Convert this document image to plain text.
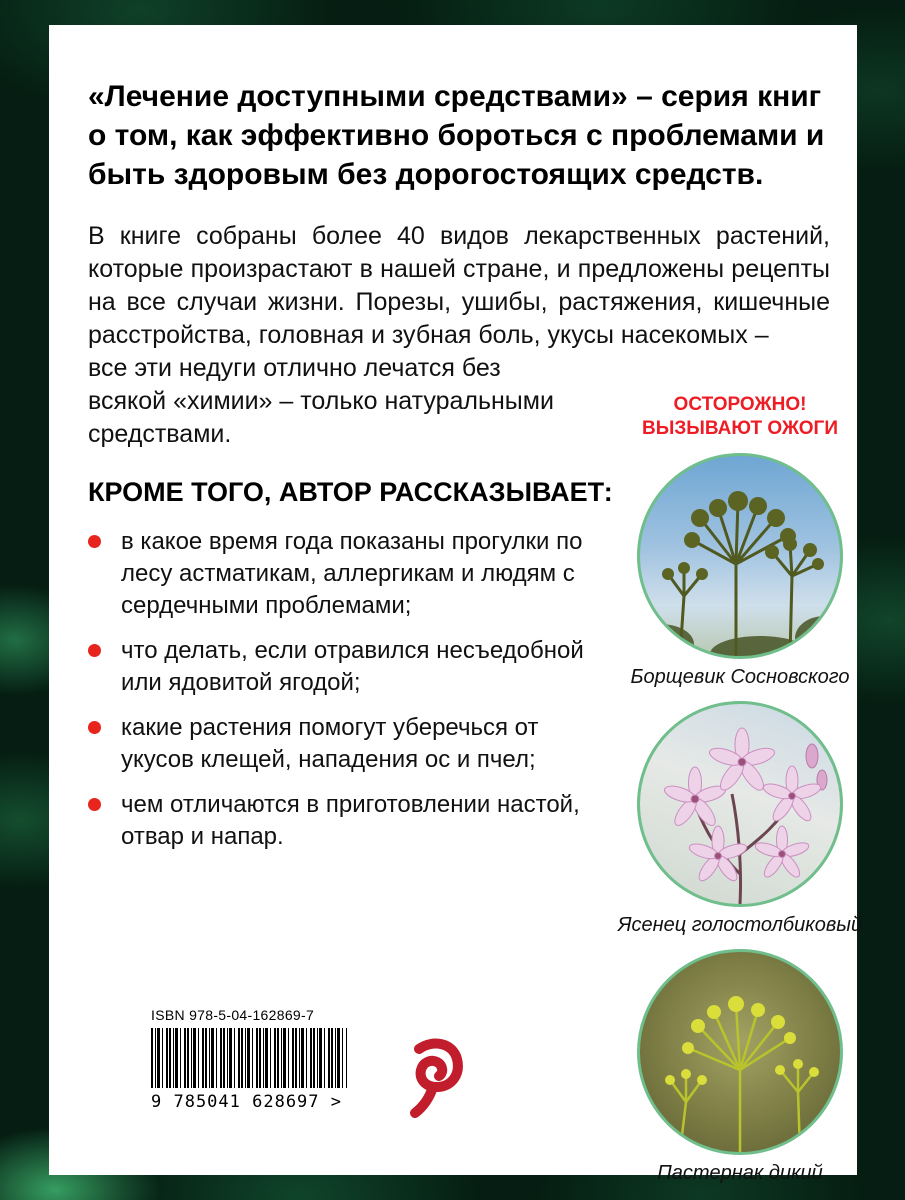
«Лечение доступными средствами» – серия книг о том, как эффективно бороться с проблемами и быть здоровым без дорогостоящих средств.

В книге собраны более 40 видов лекарственных растений, которые произрастают в нашей стране, и предложены рецепты на все случаи жизни. Порезы, ушибы, растяжения, кишечные расстройства, головная и зубная боль, укусы насекомых –

все эти недуги отлично лечатся без всякой «химии» – только натуральными средствами.

КРОМЕ ТОГО, АВТОР РАССКАЗЫВАЕТ:
в какое время года показаны прогулки по лесу астматикам, аллергикам и людям с сердечными проблемами;
что делать, если отравился несъедобной или ядовитой ягодой;
какие растения помогут уберечься от укусов клещей, нападения ос и пчел;
чем отличаются в приготовлении настой, отвар и напар.
ОСТОРОЖНО!
ВЫЗЫВАЮТ ОЖОГИ
Борщевик Сосновского
Ясенец голостолбиковый
Пастернак дикий
ISBN 978-5-04-162869-7
9 785041 628697 >
